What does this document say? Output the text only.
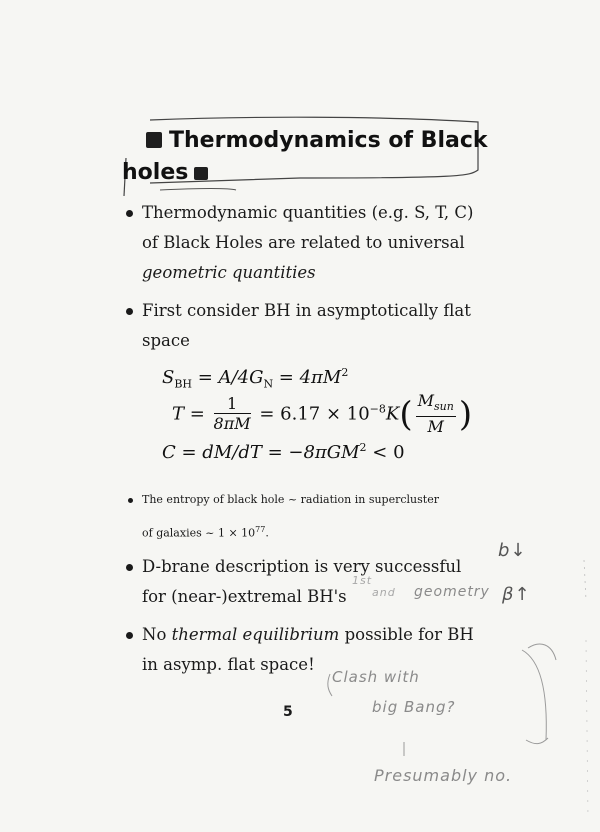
Thermodynamics of Black
holes
Thermodynamic quantities (e.g. S, T, C)
of Black Holes are related to universal
geometric quantities
First consider BH in asymptotically flat
space
$S_{BH} = A/4G_N = 4\pi M^2$
$T = \frac{1}{8\pi M} = 6.17 \times 10^{-8}K( \frac{M_{sun}}{M}$ )
C = dM/dT = −8πGM$^2$ < 0
The entropy of black hole ~ radiation in supercluster
of galaxies ~ $1 \times 10^{77}$.
D-brane description is very successful
for (near-)extremal BH's
No thermal equilibrium possible for BH
in asymp. flat space!
5
1st
and geometry
b↓
β↑
Clash with
big Bang?
Presumably no.
